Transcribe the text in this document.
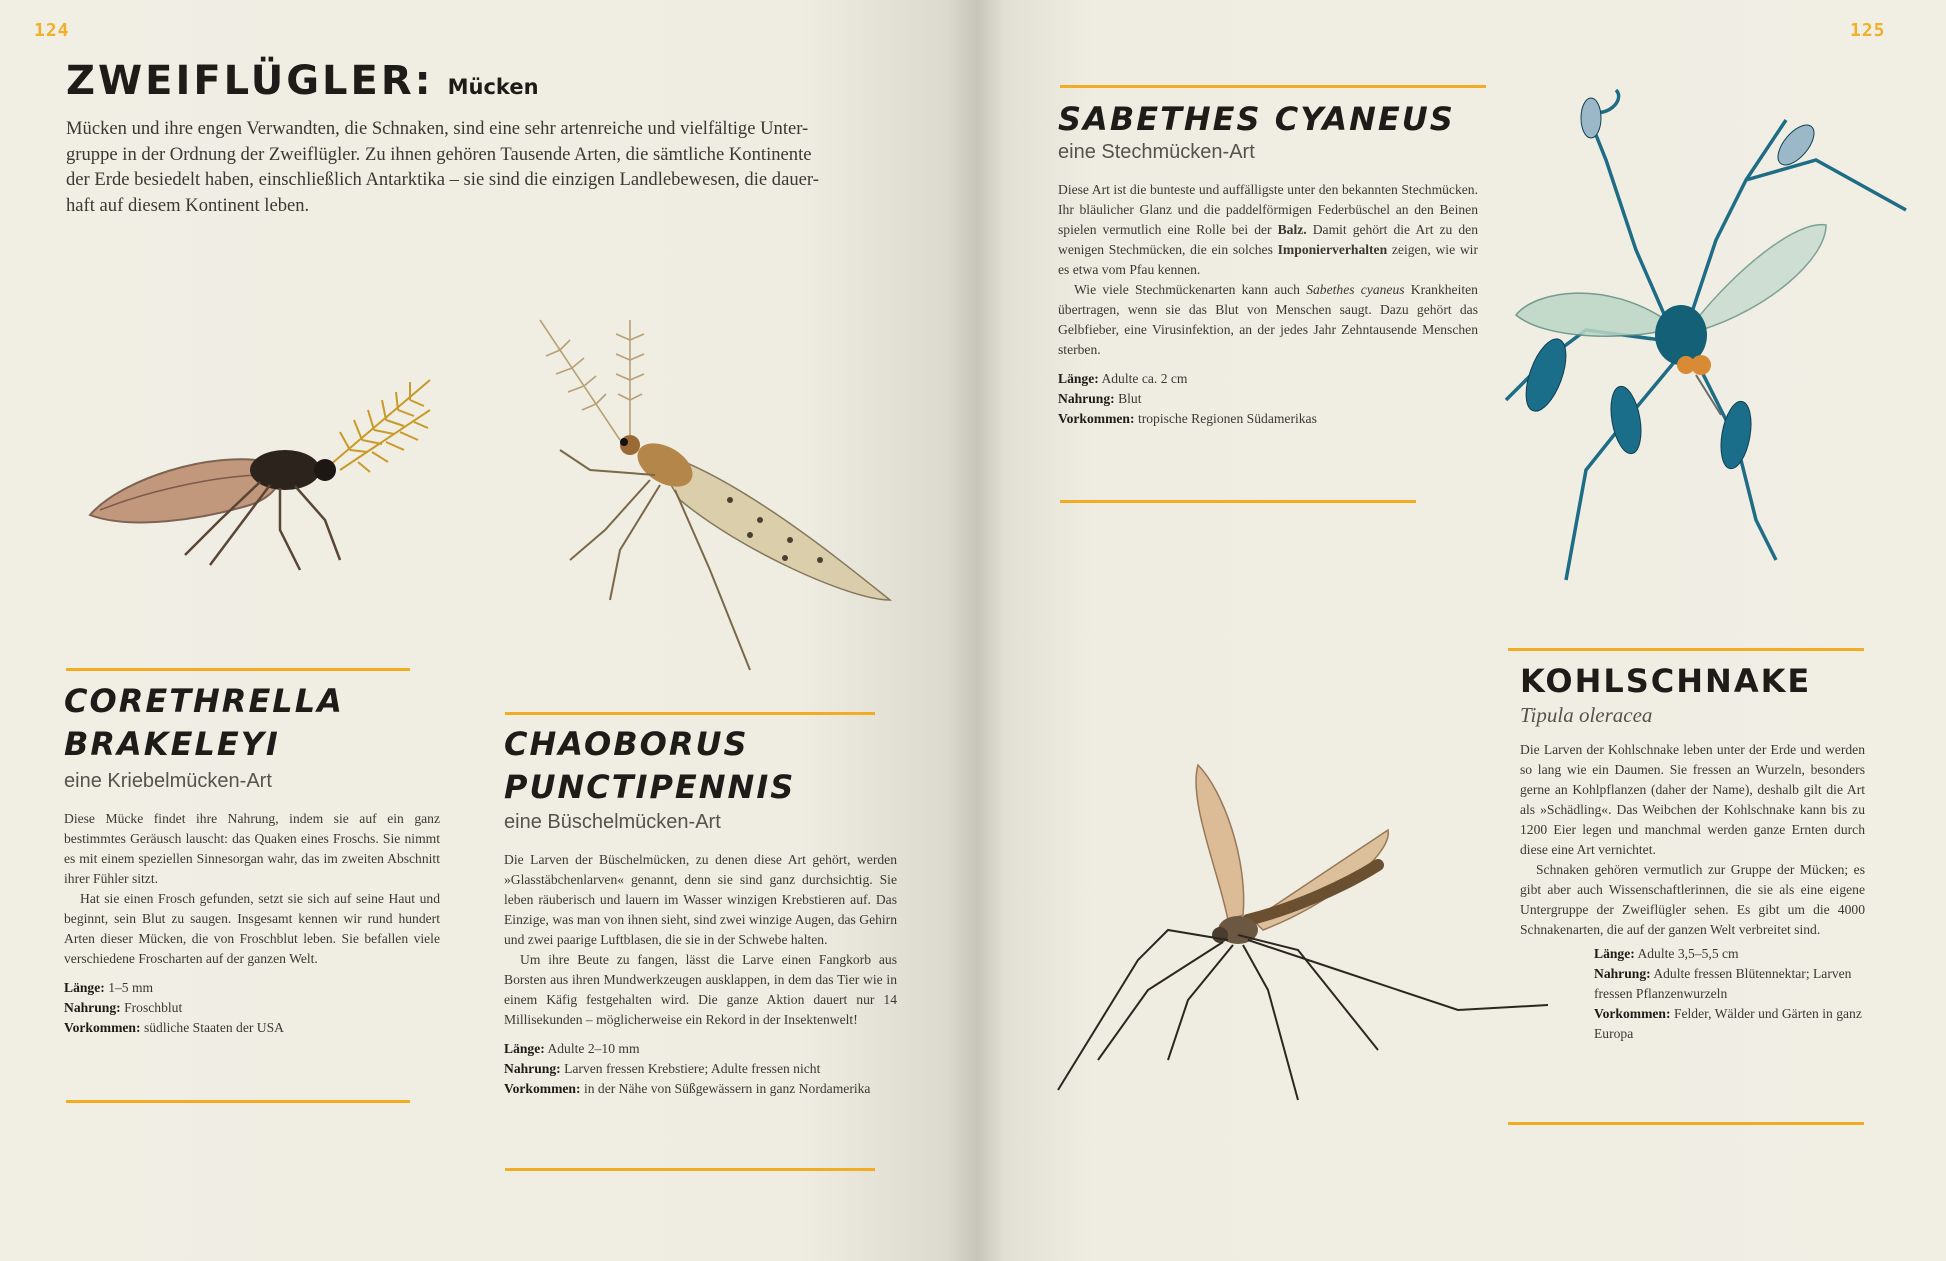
124
ZWEIFLÜGLER: Mücken
Mücken und ihre engen Verwandten, die Schnaken, sind eine sehr artenreiche und vielfältige Unter-
gruppe in der Ordnung der Zweiflügler. Zu ihnen gehören Tausende Arten, die sämtliche Kontinente
der Erde besiedelt haben, einschließlich Antarktika – sie sind die einzigen Landlebewesen, die dauer-
haft auf diesem Kontinent leben.
CORETHRELLA
BRAKELEYI
eine Kriebelmücken-Art

Diese Mücke findet ihre Nahrung, indem sie auf ein ganz bestimmtes Geräusch lauscht: das Quaken eines Froschs. Sie nimmt es mit einem speziellen Sinnesorgan wahr, das im zweiten Abschnitt ihrer Fühler sitzt.

Hat sie einen Frosch gefunden, setzt sie sich auf seine Haut und beginnt, sein Blut zu saugen. Insgesamt kennen wir rund hundert Arten dieser Mücken, die von Froschblut leben. Sie befallen viele verschiedene Froscharten auf der ganzen Welt.

Länge: 1–5 mm
Nahrung: Froschblut
Vorkommen: südliche Staaten der USA
CHAOBORUS
PUNCTIPENNIS
eine Büschelmücken-Art

Die Larven der Büschelmücken, zu denen diese Art gehört, werden »Glasstäbchenlarven« genannt, denn sie sind ganz durchsichtig. Sie leben räuberisch und lauern im Wasser winzigen Krebstieren auf. Das Einzige, was man von ihnen sieht, sind zwei winzige Augen, das Gehirn und zwei paarige Luftblasen, die sie in der Schwebe halten.

Um ihre Beute zu fangen, lässt die Larve einen Fangkorb aus Borsten aus ihren Mundwerkzeugen ausklappen, in dem das Tier wie in einem Käfig festgehalten wird. Die ganze Aktion dauert nur 14 Millisekunden – möglicherweise ein Rekord in der Insektenwelt!

Länge: Adulte 2–10 mm
Nahrung: Larven fressen Krebstiere; Adulte fressen nicht
Vorkommen: in der Nähe von Süßgewässern in ganz Nordamerika
125
SABETHES CYANEUS
eine Stechmücken-Art

Diese Art ist die bunteste und auffälligste unter den bekannten Stechmücken. Ihr bläulicher Glanz und die paddelförmigen Federbüschel an den Beinen spielen vermutlich eine Rolle bei der Balz. Damit gehört die Art zu den wenigen Stechmücken, die ein solches Imponierverhalten zeigen, wie wir es etwa vom Pfau kennen.

Wie viele Stechmückenarten kann auch Sabethes cyaneus Krankheiten übertragen, wenn sie das Blut von Menschen saugt. Dazu gehört das Gelbfieber, eine Virusinfektion, an der jedes Jahr Zehntausende Menschen sterben.

Länge: Adulte ca. 2 cm
Nahrung: Blut
Vorkommen: tropische Regionen Südamerikas
KOHLSCHNAKE
Tipula oleracea

Die Larven der Kohlschnake leben unter der Erde und werden so lang wie ein Daumen. Sie fressen an Wurzeln, besonders gerne an Kohlpflanzen (daher der Name), deshalb gilt die Art als »Schädling«. Das Weibchen der Kohlschnake kann bis zu 1200 Eier legen und manchmal werden ganze Ernten durch diese eine Art vernichtet.

Schnaken gehören vermutlich zur Gruppe der Mücken; es gibt aber auch Wissenschaftlerinnen, die sie als eine eigene Untergruppe der Zweiflügler sehen. Es gibt um die 4000 Schnakenarten, die auf der ganzen Welt verbreitet sind.

Länge: Adulte 3,5–5,5 cm
Nahrung: Adulte fressen Blütennektar; Larven fressen Pflanzenwurzeln
Vorkommen: Felder, Wälder und Gärten in ganz Europa
